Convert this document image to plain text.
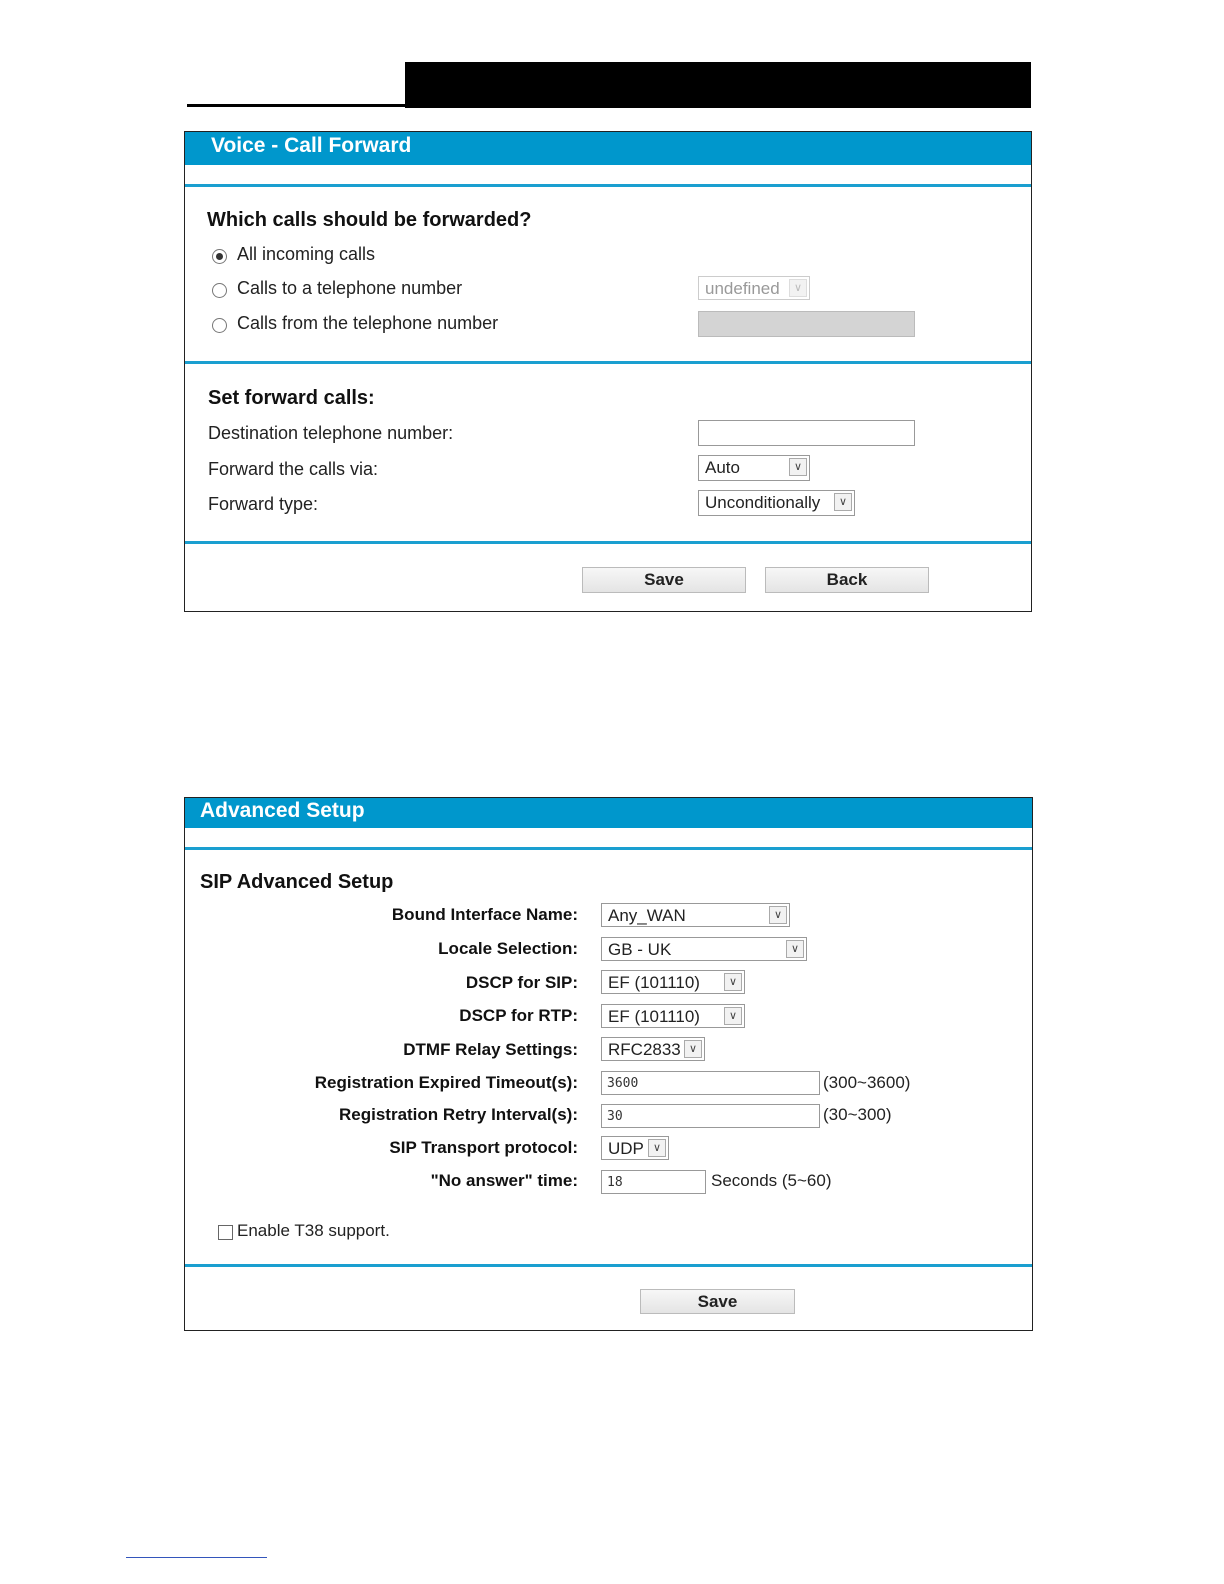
Voice - Call Forward
Which calls should be forwarded?
All incoming calls
Calls to a telephone number	undefined	∨
Calls from the telephone number
Set forward calls:
Destination telephone number:
Forward the calls via:	Auto	∨
Forward type:	Unconditionally	∨
Save	Back
Advanced Setup
SIP Advanced Setup
Bound Interface Name: Any_WAN	∨
Locale Selection: GB - UK	∨
DSCP for SIP: EF (101110)	∨
DSCP for RTP: EF (101110)	∨
DTMF Relay Settings: RFC2833 ∨
Registration Expired Timeout(s):	3600	(300~3600)
Registration Retry Interval(s):	30	(30~300)
SIP Transport protocol: UDP ∨
"No answer" time:	18	Seconds (5~60)
Enable T38 support.
Save
